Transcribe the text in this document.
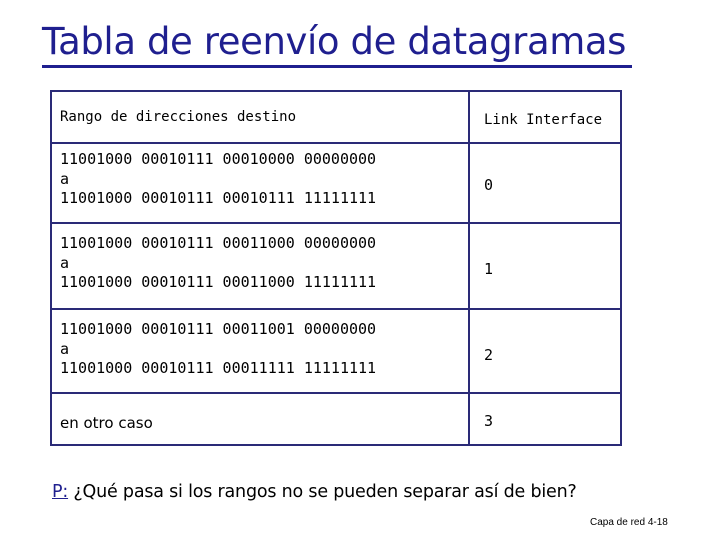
Tabla de reenvío de datagramas
Rango de direcciones destino	Link Interface
11001000 00010111 00010000 00000000
a
11001000 00010111 00010111 11111111
0
11001000 00010111 00011000 00000000
a
11001000 00010111 00011000 11111111
1
11001000 00010111 00011001 00000000
a
11001000 00010111 00011111 11111111
2
en otro caso	3
P: ¿Qué pasa si los rangos no se pueden separar así de bien?
Capa de red 4-18
